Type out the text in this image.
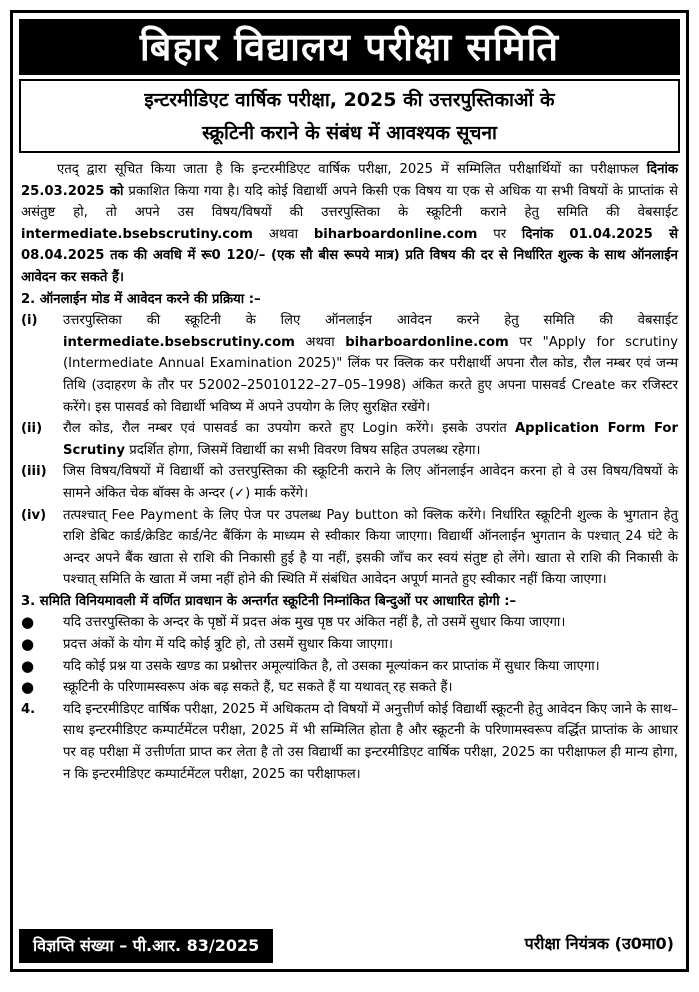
बिहार विद्यालय परीक्षा समिति
इन्टरमीडिएट वार्षिक परीक्षा, 2025 की उत्तरपुस्तिकाओं के
स्क्रूटिनी कराने के संबंध में आवश्यक सूचना

एतद् द्वारा सूचित किया जाता है कि इन्टरमीडिएट वार्षिक परीक्षा, 2025 में सम्मिलित परीक्षार्थियों का परीक्षाफल दिनांक 25.03.2025 को प्रकाशित किया गया है। यदि कोई विद्यार्थी अपने किसी एक विषय या एक से अधिक या सभी विषयों के प्राप्तांक से असंतुष्ट हो, तो अपने उस विषय/विषयों की उत्तरपुस्तिका के स्क्रूटिनी कराने हेतु समिति की वेबसाईट intermediate.bsebscrutiny.com अथवा biharboardonline.com पर दिनांक 01.04.2025 से 08.04.2025 तक की अवधि में रू0 120/– (एक सौ बीस रूपये मात्र) प्रति विषय की दर से निर्धारित शुल्क के साथ ऑनलाईन आवेदन कर सकते हैं।

2. ऑनलाईन मोड में आवेदन करने की प्रक्रिया :–

(i)	उत्तरपुस्तिका की स्क्रूटिनी के लिए ऑनलाईन आवेदन करने हेतु समिति की वेबसाईट intermediate.bsebscrutiny.com अथवा biharboardonline.com पर "Apply for scrutiny (Intermediate Annual Examination 2025)" लिंक पर क्लिक कर परीक्षार्थी अपना रौल कोड, रौल नम्बर एवं जन्म तिथि (उदाहरण के तौर पर 52002–25010122–27–05–1998) अंकित करते हुए अपना पासवर्ड Create कर रजिस्टर करेंगे। इस पासवर्ड को विद्यार्थी भविष्य में अपने उपयोग के लिए सुरक्षित रखेंगे।
(ii)	रौल कोड, रौल नम्बर एवं पासवर्ड का उपयोग करते हुए Login करेंगे। इसके उपरांत Application Form For Scrutiny प्रदर्शित होगा, जिसमें विद्यार्थी का सभी विवरण विषय सहित उपलब्ध रहेगा।
(iii)	जिस विषय/विषयों में विद्यार्थी को उत्तरपुस्तिका की स्क्रूटिनी कराने के लिए ऑनलाईन आवेदन करना हो वे उस विषय/विषयों के सामने अंकित चेक बॉक्स के अन्दर (✓) मार्क करेंगे।
(iv)	तत्पश्चात् Fee Payment के लिए पेज पर उपलब्ध Pay button को क्लिक करेंगे। निर्धारित स्क्रूटिनी शुल्क के भुगतान हेतु राशि डेबिट कार्ड/क्रेडिट कार्ड/नेट बैंकिंग के माध्यम से स्वीकार किया जाएगा। विद्यार्थी ऑनलाईन भुगतान के पश्चात् 24 घंटे के अन्दर अपने बैंक खाता से राशि की निकासी हुई है या नहीं, इसकी जाँच कर स्वयं संतुष्ट हो लेंगे। खाता से राशि की निकासी के पश्चात् समिति के खाता में जमा नहीं होने की स्थिति में संबंधित आवेदन अपूर्ण मानते हुए स्वीकार नहीं किया जाएगा।

3. समिति विनियमावली में वर्णित प्रावधान के अन्तर्गत स्क्रूटिनी निम्नांकित बिन्दुओं पर आधारित होगी :–

●	यदि उत्तरपुस्तिका के अन्दर के पृष्ठों में प्रदत्त अंक मुख पृष्ठ पर अंकित नहीं है, तो उसमें सुधार किया जाएगा।
●	प्रदत्त अंकों के योग में यदि कोई त्रुटि हो, तो उसमें सुधार किया जाएगा।
●	यदि कोई प्रश्न या उसके खण्ड का प्रश्नोत्तर अमूल्यांकित है, तो उसका मूल्यांकन कर प्राप्तांक में सुधार किया जाएगा।
●	स्क्रूटिनी के परिणामस्वरूप अंक बढ़ सकते हैं, घट सकते हैं या यथावत् रह सकते हैं।
4.	यदि इन्टरमीडिएट वार्षिक परीक्षा, 2025 में अधिकतम दो विषयों में अनुत्तीर्ण कोई विद्यार्थी स्क्रूटनी हेतु आवेदन किए जाने के साथ–साथ इन्टरमीडिएट कम्पार्टमेंटल परीक्षा, 2025 में भी सम्मिलित होता है और स्क्रूटनी के परिणामस्वरूप वर्द्धित प्राप्तांक के आधार पर वह परीक्षा में उत्तीर्णता प्राप्त कर लेता है तो उस विद्यार्थी का इन्टरमीडिएट वार्षिक परीक्षा, 2025 का परीक्षाफल ही मान्य होगा, न कि इन्टरमीडिएट कम्पार्टमेंटल परीक्षा, 2025 का परीक्षाफल।
विज्ञप्ति संख्या – पी.आर. 83/2025	परीक्षा नियंत्रक (उ0मा0)
